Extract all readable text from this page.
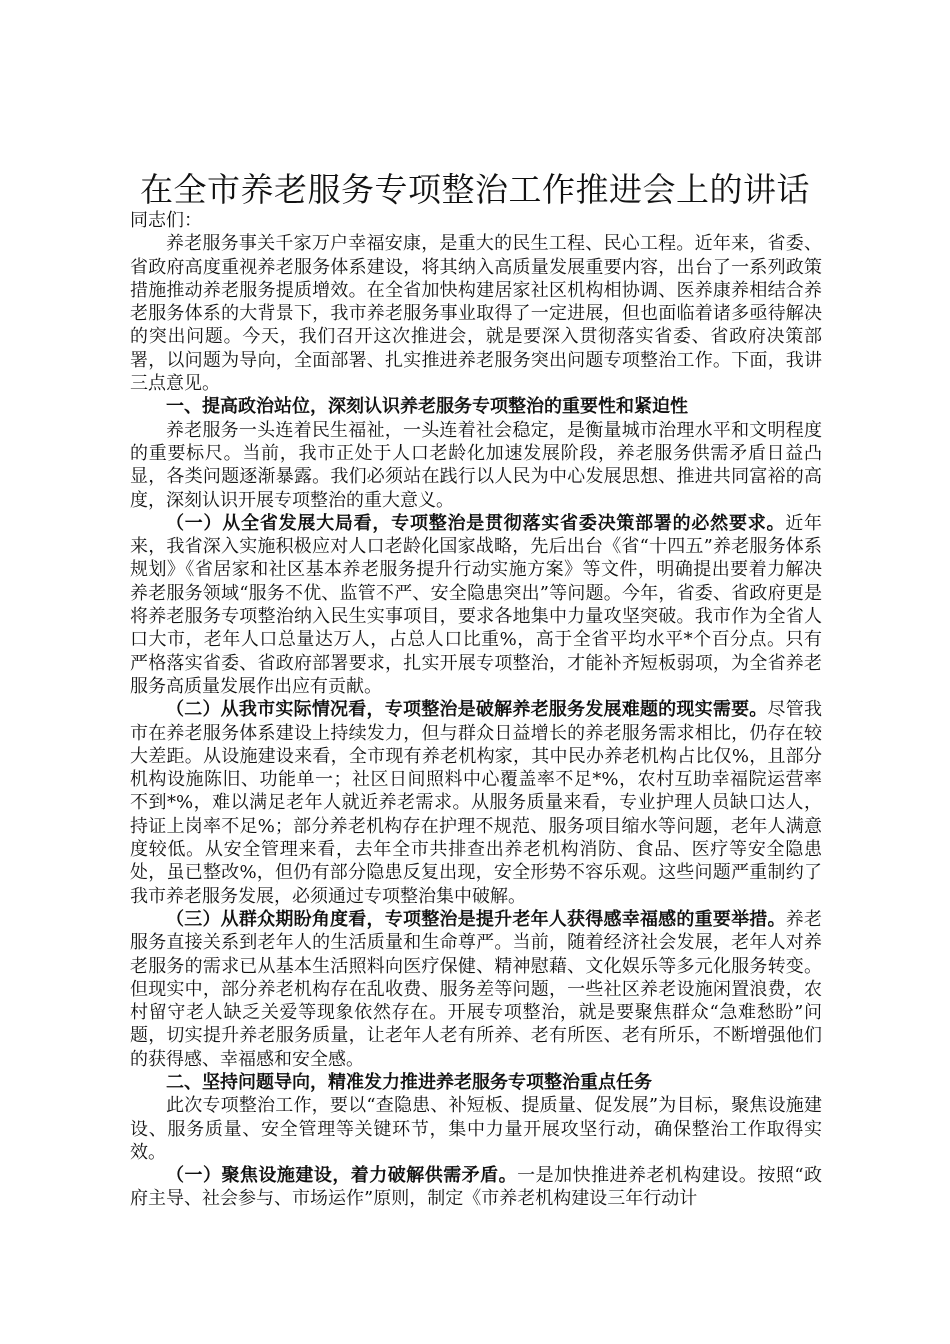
在全市养老服务专项整治工作推进会上的讲话

同志们：

养老服务事关千家万户幸福安康，是重大的民生工程、民心工程。近年来，省委、省政府高度重视养老服务体系建设，将其纳入高质量发展重要内容，出台了一系列政策措施推动养老服务提质增效。在全省加快构建居家社区机构相协调、医养康养相结合养老服务体系的大背景下，我市养老服务事业取得了一定进展，但也面临着诸多亟待解决的突出问题。今天，我们召开这次推进会，就是要深入贯彻落实省委、省政府决策部署，以问题为导向，全面部署、扎实推进养老服务突出问题专项整治工作。下面，我讲三点意见。

一、提高政治站位，深刻认识养老服务专项整治的重要性和紧迫性

养老服务一头连着民生福祉，一头连着社会稳定，是衡量城市治理水平和文明程度的重要标尺。当前，我市正处于人口老龄化加速发展阶段，养老服务供需矛盾日益凸显，各类问题逐渐暴露。我们必须站在践行以人民为中心发展思想、推进共同富裕的高度，深刻认识开展专项整治的重大意义。

（一）从全省发展大局看，专项整治是贯彻落实省委决策部署的必然要求。近年来，我省深入实施积极应对人口老龄化国家战略，先后出台《省“十四五”养老服务体系规划》《省居家和社区基本养老服务提升行动实施方案》等文件，明确提出要着力解决养老服务领域“服务不优、监管不严、安全隐患突出”等问题。今年，省委、省政府更是将养老服务专项整治纳入民生实事项目，要求各地集中力量攻坚突破。我市作为全省人口大市，老年人口总量达万人，占总人口比重%，高于全省平均水平*个百分点。只有严格落实省委、省政府部署要求，扎实开展专项整治，才能补齐短板弱项，为全省养老服务高质量发展作出应有贡献。

（二）从我市实际情况看，专项整治是破解养老服务发展难题的现实需要。尽管我市在养老服务体系建设上持续发力，但与群众日益增长的养老服务需求相比，仍存在较大差距。从设施建设来看，全市现有养老机构家，其中民办养老机构占比仅%，且部分机构设施陈旧、功能单一；社区日间照料中心覆盖率不足*%，农村互助幸福院运营率不到*%，难以满足老年人就近养老需求。从服务质量来看，专业护理人员缺口达人，持证上岗率不足%；部分养老机构存在护理不规范、服务项目缩水等问题，老年人满意度较低。从安全管理来看，去年全市共排查出养老机构消防、食品、医疗等安全隐患处，虽已整改%，但仍有部分隐患反复出现，安全形势不容乐观。这些问题严重制约了我市养老服务发展，必须通过专项整治集中破解。

（三）从群众期盼角度看，专项整治是提升老年人获得感幸福感的重要举措。养老服务直接关系到老年人的生活质量和生命尊严。当前，随着经济社会发展，老年人对养老服务的需求已从基本生活照料向医疗保健、精神慰藉、文化娱乐等多元化服务转变。但现实中，部分养老机构存在乱收费、服务差等问题，一些社区养老设施闲置浪费，农村留守老人缺乏关爱等现象依然存在。开展专项整治，就是要聚焦群众“急难愁盼”问题，切实提升养老服务质量，让老年人老有所养、老有所医、老有所乐，不断增强他们的获得感、幸福感和安全感。

二、坚持问题导向，精准发力推进养老服务专项整治重点任务

此次专项整治工作，要以“查隐患、补短板、提质量、促发展”为目标，聚焦设施建设、服务质量、安全管理等关键环节，集中力量开展攻坚行动，确保整治工作取得实效。

（一）聚焦设施建设，着力破解供需矛盾。一是加快推进养老机构建设。按照“政府主导、社会参与、市场运作”原则，制定《市养老机构建设三年行动计
